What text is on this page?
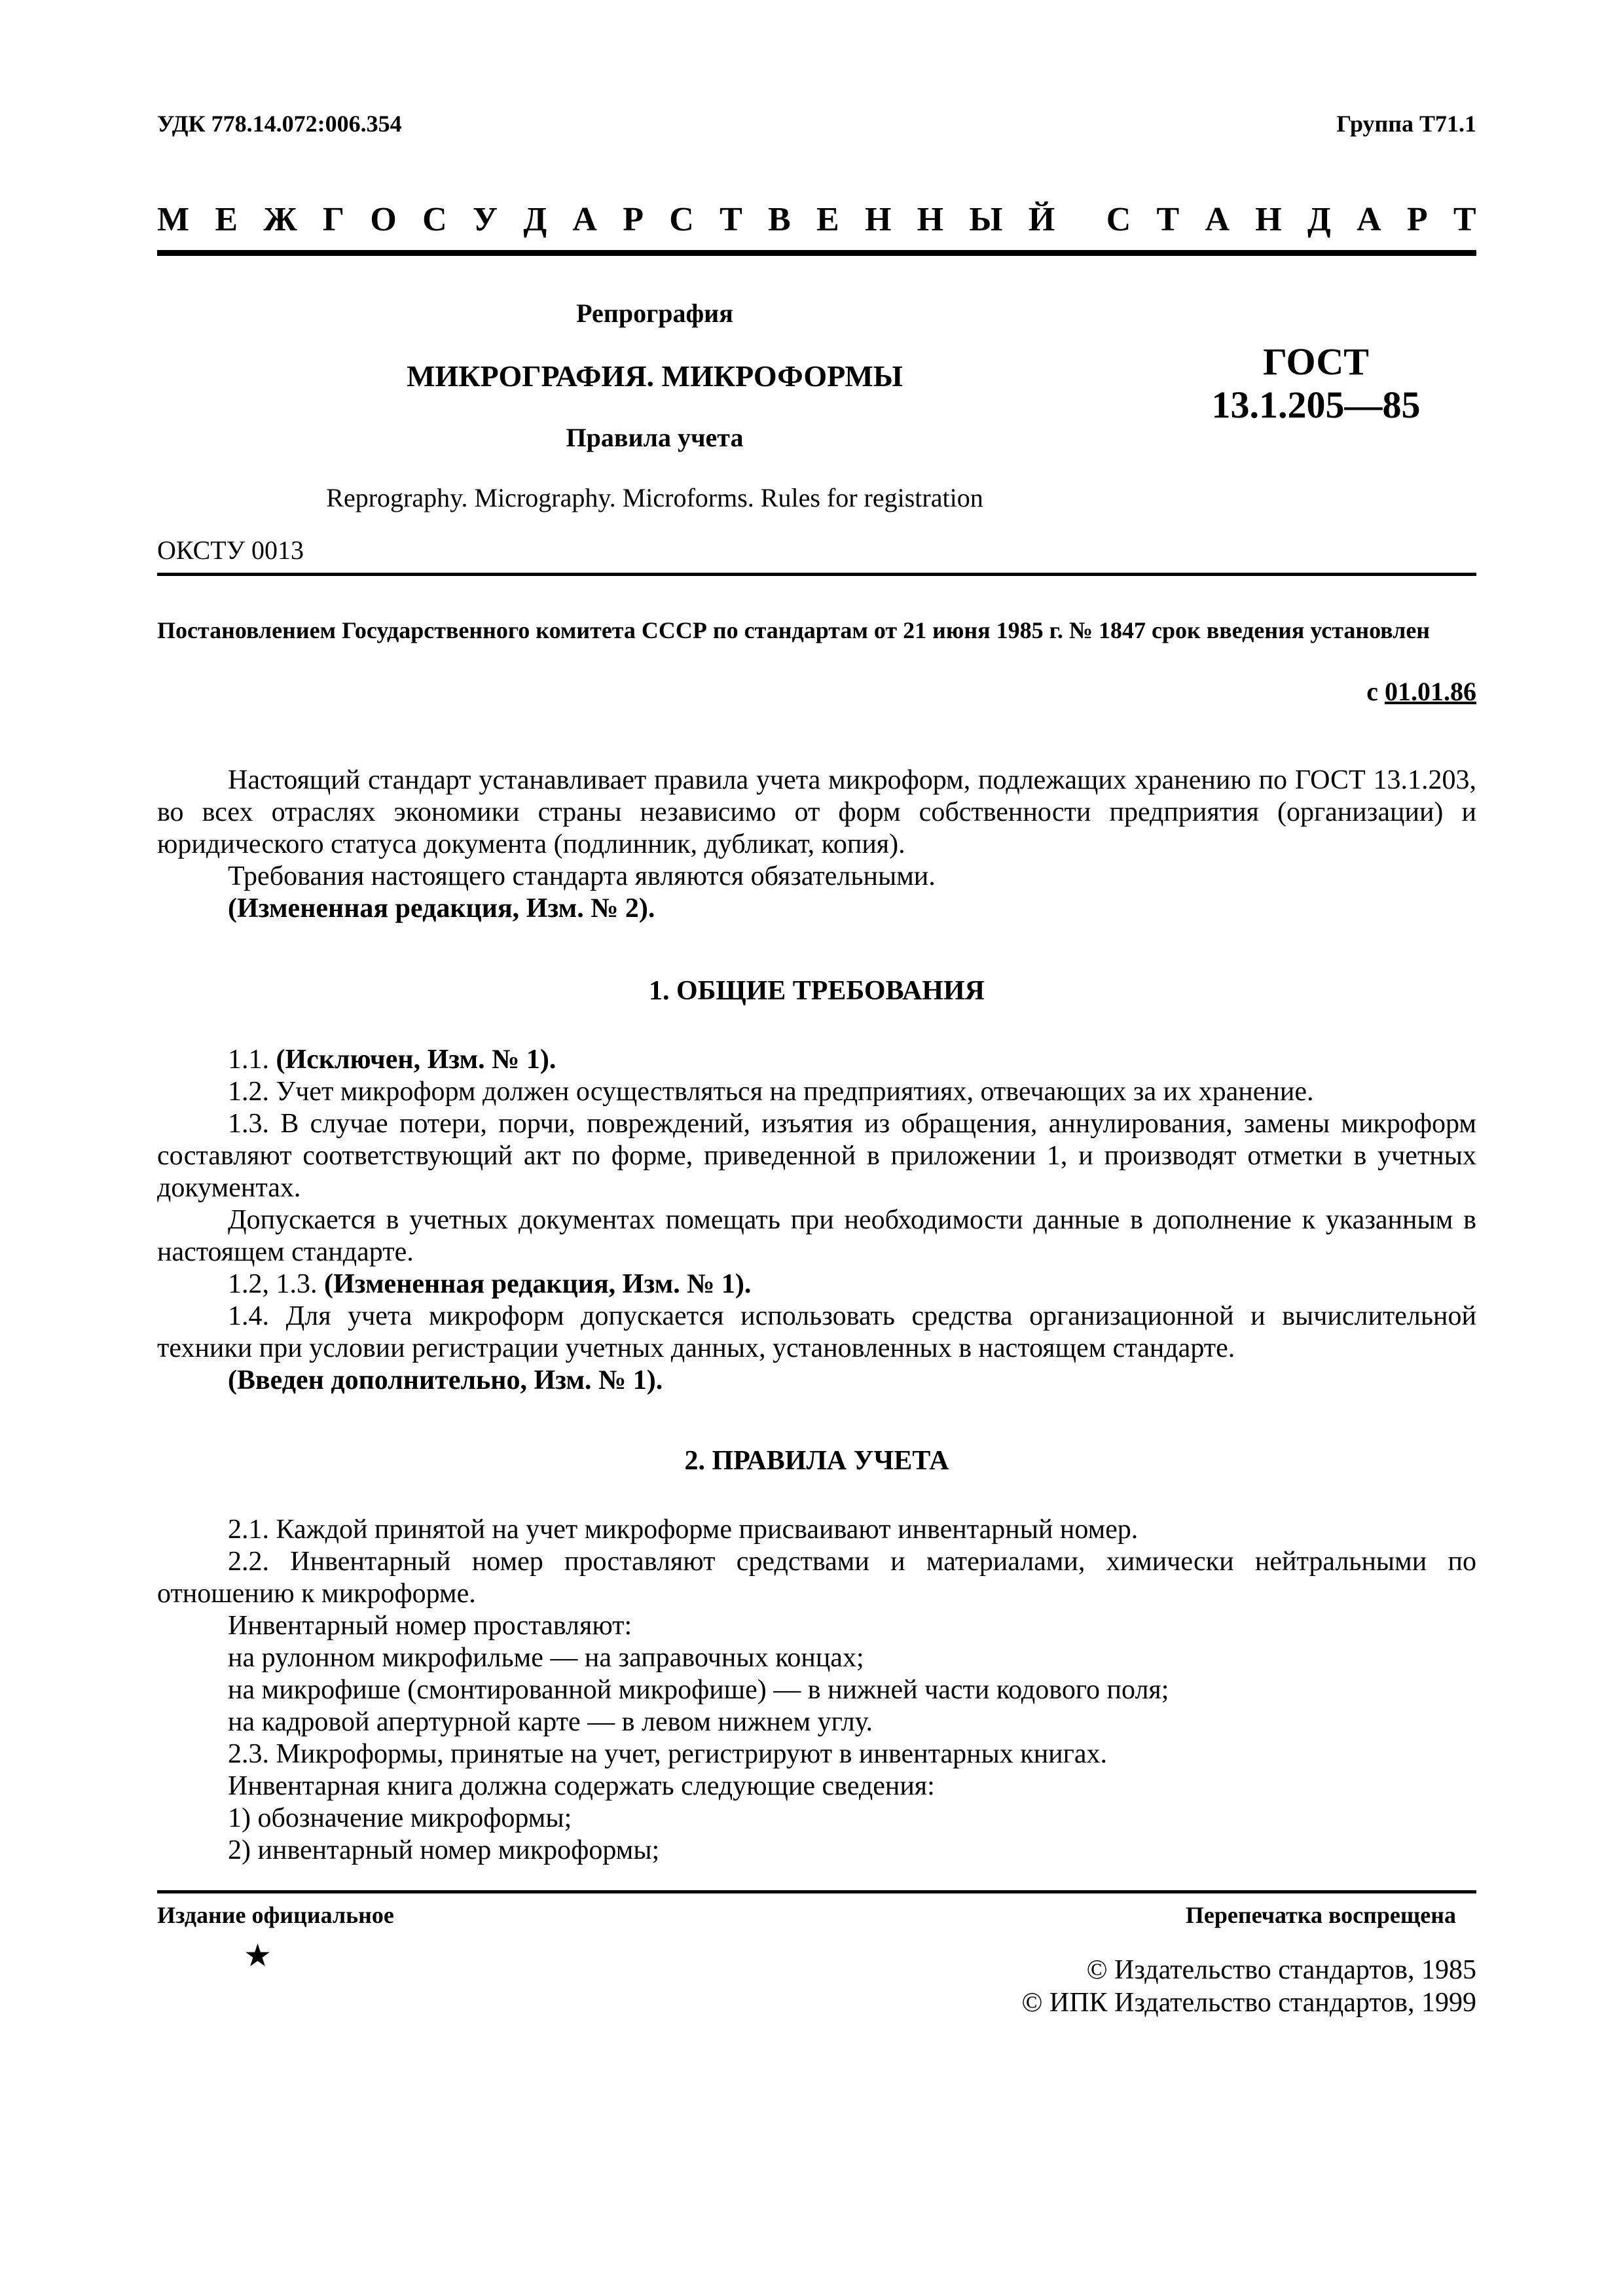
УДК 778.14.072:006.354	Группа Т71.1
М Е Ж Г О С У Д А Р С Т В Е Н Н Ы Й С Т А Н Д А Р Т
Репрография
МИКРОГРАФИЯ. МИКРОФОРМЫ
Правила учета
Reprography. Micrography. Microforms. Rules for registration
ГОСТ
13.1.205—85
ОКСТУ 0013
Постановлением Государственного комитета СССР по стандартам от 21 июня 1985 г. № 1847 срок введения установлен
с 01.01.86

Настоящий стандарт устанавливает правила учета микроформ, подлежащих хранению по ГОСТ 13.1.203, во всех отраслях экономики страны независимо от форм собственности предприятия (организации) и юридического статуса документа (подлинник, дубликат, копия).

Требования настоящего стандарта являются обязательными.

(Измененная редакция, Изм. № 2).

1. ОБЩИЕ ТРЕБОВАНИЯ

1.1. (Исключен, Изм. № 1).

1.2. Учет микроформ должен осуществляться на предприятиях, отвечающих за их хранение.

1.3. В случае потери, порчи, повреждений, изъятия из обращения, аннулирования, замены микроформ составляют соответствующий акт по форме, приведенной в приложении 1, и производят отметки в учетных документах.

Допускается в учетных документах помещать при необходимости данные в дополнение к указанным в настоящем стандарте.

1.2, 1.3. (Измененная редакция, Изм. № 1).

1.4. Для учета микроформ допускается использовать средства организационной и вычислительной техники при условии регистрации учетных данных, установленных в настоящем стандарте.

(Введен дополнительно, Изм. № 1).

2. ПРАВИЛА УЧЕТА

2.1. Каждой принятой на учет микроформе присваивают инвентарный номер.

2.2. Инвентарный номер проставляют средствами и материалами, химически нейтральными по отношению к микроформе.

Инвентарный номер проставляют:

на рулонном микрофильме — на заправочных концах;

на микрофише (смонтированной микрофише) — в нижней части кодового поля;

на кадровой апертурной карте — в левом нижнем углу.

2.3. Микроформы, принятые на учет, регистрируют в инвентарных книгах.

Инвентарная книга должна содержать следующие сведения:

1) обозначение микроформы;

2) инвентарный номер микроформы;

Издание официальное	Перепечатка воспрещена
★	© Издательство стандартов, 1985
© ИПК Издательство стандартов, 1999
